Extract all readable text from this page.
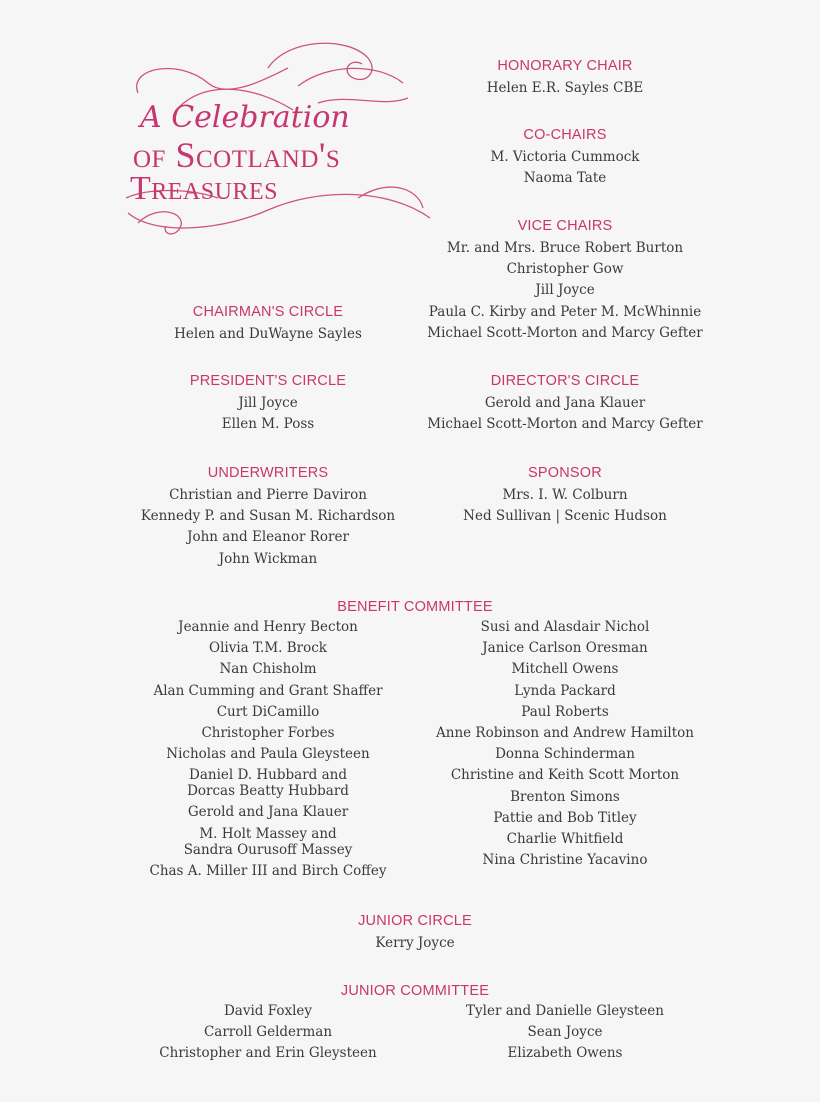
A Celebration
of Scotland's
Treasures
HONORARY CHAIR
Helen E.R. Sayles CBE
CO-CHAIRS
M. Victoria Cummock
Naoma Tate
VICE CHAIRS
Mr. and Mrs. Bruce Robert Burton
Christopher Gow
Jill Joyce
Paula C. Kirby and Peter M. McWhinnie
Michael Scott-Morton and Marcy Gefter
CHAIRMAN'S CIRCLE
Helen and DuWayne Sayles
PRESIDENT'S CIRCLE
Jill Joyce
Ellen M. Poss
DIRECTOR'S CIRCLE
Gerold and Jana Klauer
Michael Scott-Morton and Marcy Gefter
UNDERWRITERS
Christian and Pierre Daviron
Kennedy P. and Susan M. Richardson
John and Eleanor Rorer
John Wickman
SPONSOR
Mrs. I. W. Colburn
Ned Sullivan | Scenic Hudson
BENEFIT COMMITTEE
Jeannie and Henry Becton
Olivia T.M. Brock
Nan Chisholm
Alan Cumming and Grant Shaffer
Curt DiCamillo
Christopher Forbes
Nicholas and Paula Gleysteen
Daniel D. Hubbard and
Dorcas Beatty Hubbard
Gerold and Jana Klauer
M. Holt Massey and
Sandra Ourusoff Massey
Chas A. Miller III and Birch Coffey
Susi and Alasdair Nichol
Janice Carlson Oresman
Mitchell Owens
Lynda Packard
Paul Roberts
Anne Robinson and Andrew Hamilton
Donna Schinderman
Christine and Keith Scott Morton
Brenton Simons
Pattie and Bob Titley
Charlie Whitfield
Nina Christine Yacavino
JUNIOR CIRCLE
Kerry Joyce
JUNIOR COMMITTEE
David Foxley
Carroll Gelderman
Christopher and Erin Gleysteen
Tyler and Danielle Gleysteen
Sean Joyce
Elizabeth Owens
